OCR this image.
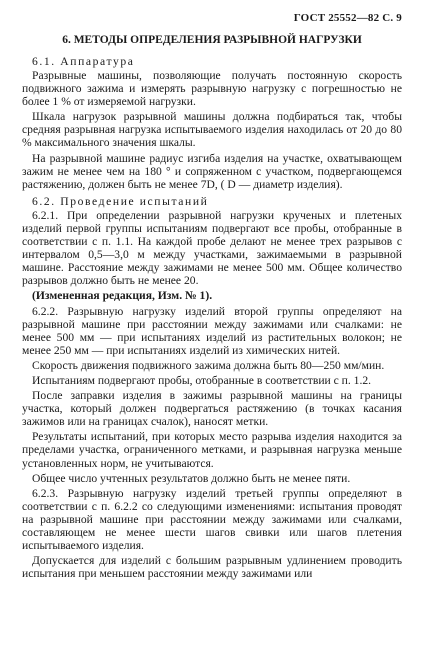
ГОСТ 25552—82 С. 9
6. МЕТОДЫ ОПРЕДЕЛЕНИЯ РАЗРЫВНОЙ НАГРУЗКИ
6.1. Аппаратура

Разрывные машины, позволяющие получать постоянную скорость подвижного зажима и измерять разрывную нагрузку с погрешностью не более 1 % от измеряемой нагрузки.

Шкала нагрузок разрывной машины должна подбираться так, чтобы средняя разрывная нагрузка испытываемого изделия находилась от 20 до 80 % максимального значения шкалы.

На разрывной машине радиус изгиба изделия на участке, охватывающем зажим не менее чем на 180 ° и сопряженном с участком, подвергающемся растяжению, должен быть не менее 7D, ( D — диаметр изделия).

6.2. Проведение испытаний

6.2.1. При определении разрывной нагрузки крученых и плетеных изделий первой группы испытаниям подвергают все пробы, отобранные в соответствии с п. 1.1. На каждой пробе делают не менее трех разрывов с интервалом 0,5—3,0 м между участками, зажимаемыми в разрывной машине. Расстояние между зажимами не менее 500 мм. Общее количество разрывов должно быть не менее 20.

(Измененная редакция, Изм. № 1).

6.2.2. Разрывную нагрузку изделий второй группы определяют на разрывной машине при расстоянии между зажимами или счалками: не менее 500 мм — при испытаниях изделий из растительных волокон; не менее 250 мм — при испытаниях изделий из химических нитей.

Скорость движения подвижного зажима должна быть 80—250 мм/мин.

Испытаниям подвергают пробы, отобранные в соответствии с п. 1.2.

После заправки изделия в зажимы разрывной машины на границы участка, который должен подвергаться растяжению (в точках касания зажимов или на границах счалок), наносят метки.

Результаты испытаний, при которых место разрыва изделия находится за пределами участка, ограниченного метками, и разрывная нагрузка меньше установленных норм, не учитываются.

Общее число учтенных результатов должно быть не менее пяти.

6.2.3. Разрывную нагрузку изделий третьей группы определяют в соответствии с п. 6.2.2 со следующими изменениями: испытания проводят на разрывной машине при расстоянии между зажимами или счалками, составляющем не менее шести шагов свивки или шагов плетения испытываемого изделия.

Допускается для изделий с большим разрывным удлинением проводить испытания при меньшем расстоянии между зажимами или
